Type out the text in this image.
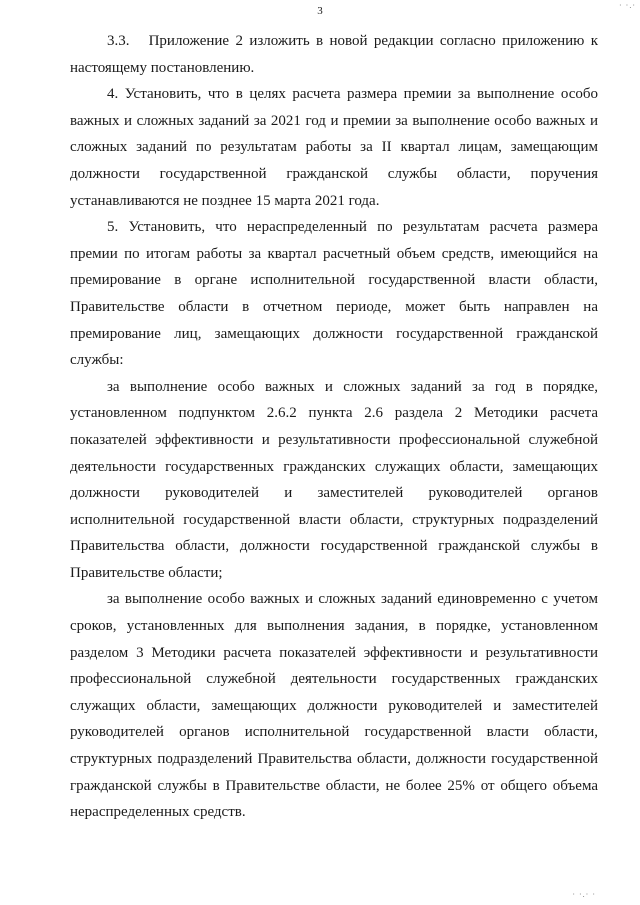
· ·.·
3

3.3.   Приложение 2 изложить в новой редакции согласно приложению к настоящему постановлению.

4. Установить, что в целях расчета размера премии за выполнение особо важных и сложных заданий за 2021 год и премии за выполнение особо важных и сложных заданий по результатам работы за II квартал лицам, замещающим должности государственной гражданской службы области, поручения устанавливаются не позднее 15 марта 2021 года.

5. Установить, что нераспределенный по результатам расчета размера премии по итогам работы за квартал расчетный объем средств, имеющийся на премирование в органе исполнительной государственной власти области, Правительстве области в отчетном периоде, может быть направлен на премирование лиц, замещающих должности государственной гражданской службы:

за выполнение особо важных и сложных заданий за год в порядке, установленном подпунктом 2.6.2 пункта 2.6 раздела 2 Методики расчета показателей эффективности и результативности профессиональной служебной деятельности государственных гражданских служащих области, замещающих должности руководителей и заместителей руководителей органов исполнительной государственной власти области, структурных подразделений Правительства области, должности государственной гражданской службы в Правительстве области;

за выполнение особо важных и сложных заданий единовременно с учетом сроков, установленных для выполнения задания, в порядке, установленном разделом 3 Методики расчета показателей эффективности и результативности профессиональной служебной деятельности государственных гражданских служащих области, замещающих должности руководителей и заместителей руководителей органов исполнительной государственной власти области, структурных подразделений Правительства области, должности государственной гражданской службы в Правительстве области, не более 25% от общего объема нераспределенных средств.

· ·.· ·
